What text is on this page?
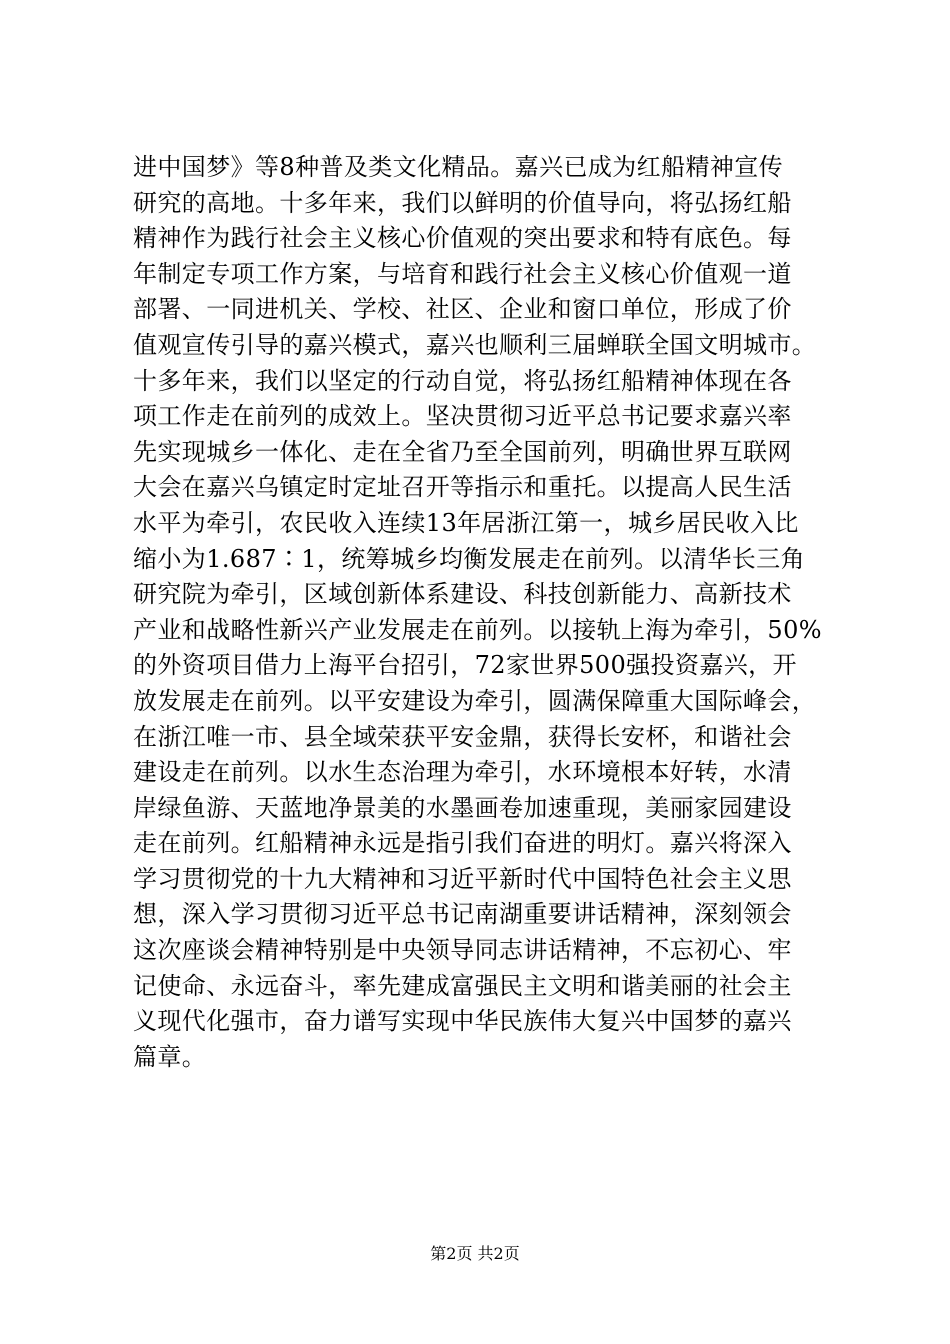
进中国梦》等8种普及类文化精品。嘉兴已成为红船精神宣传
研究的高地。十多年来，我们以鲜明的价值导向，将弘扬红船
精神作为践行社会主义核心价值观的突出要求和特有底色。每
年制定专项工作方案，与培育和践行社会主义核心价值观一道
部署、一同进机关、学校、社区、企业和窗口单位，形成了价
值观宣传引导的嘉兴模式，嘉兴也顺利三届蝉联全国文明城市。
十多年来，我们以坚定的行动自觉，将弘扬红船精神体现在各
项工作走在前列的成效上。坚决贯彻习近平总书记要求嘉兴率
先实现城乡一体化、走在全省乃至全国前列，明确世界互联网
大会在嘉兴乌镇定时定址召开等指示和重托。以提高人民生活
水平为牵引，农民收入连续13年居浙江第一，城乡居民收入比
缩小为1.687∶1，统筹城乡均衡发展走在前列。以清华长三角
研究院为牵引，区域创新体系建设、科技创新能力、高新技术
产业和战略性新兴产业发展走在前列。以接轨上海为牵引，50%
的外资项目借力上海平台招引，72家世界500强投资嘉兴，开
放发展走在前列。以平安建设为牵引，圆满保障重大国际峰会，
在浙江唯一市、县全域荣获平安金鼎，获得长安杯，和谐社会
建设走在前列。以水生态治理为牵引，水环境根本好转，水清
岸绿鱼游、天蓝地净景美的水墨画卷加速重现，美丽家园建设
走在前列。红船精神永远是指引我们奋进的明灯。嘉兴将深入
学习贯彻党的十九大精神和习近平新时代中国特色社会主义思
想，深入学习贯彻习近平总书记南湖重要讲话精神，深刻领会
这次座谈会精神特别是中央领导同志讲话精神，不忘初心、牢
记使命、永远奋斗，率先建成富强民主文明和谐美丽的社会主
义现代化强市，奋力谱写实现中华民族伟大复兴中国梦的嘉兴
篇章。
第2页 共2页
